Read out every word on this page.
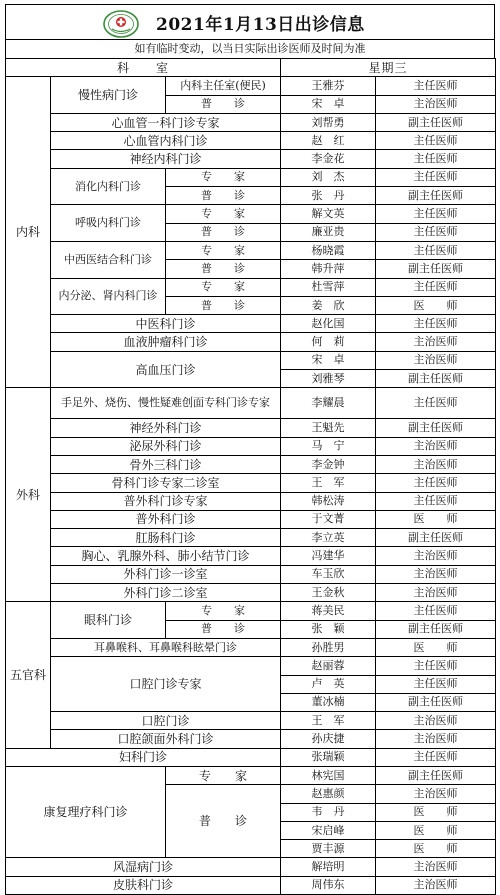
2021年1月13日出诊信息
如有临时变动，以当日实际出诊医师及时间为准
科　　室			星期三	
内科	慢性病门诊	内科主任室(便民)	王雅芬	主任医师
		普　　诊	宋　卓	主治医师
	心血管一科门诊专家		刘帮勇	副主任医师
	心血管内科门诊		赵　红	主任医师
	神经内科门诊		李金花	主任医师
	消化内科门诊	专　　家	刘　杰	主任医师
		普　　诊	张　丹	副主任医师
	呼吸内科门诊	专　　家	解文英	主任医师
		普　　诊	廉亚贵	主任医师
	中西医结合科门诊	专　　家	杨晓霞	主任医师
		普　　诊	韩升萍	副主任医师
	内分泌、肾内科门诊	专　　家	杜雪萍	主任医师
		普　　诊	姜　欣	医　　师
	中医科门诊		赵化国	主任医师
	血液肿瘤科门诊		何　莉	主治医师
	高血压门诊		宋　卓	主治医师
			刘雅琴	副主任医师
外科	手足外、烧伤、慢性疑难创面专科门诊专家		李耀晨	主任医师
	神经外科门诊		王魁先	副主任医师
	泌尿外科门诊		马　宁	主治医师
	骨外三科门诊		李金钟	主治医师
	骨科门诊专家二诊室		王　军	主任医师
	普外科门诊专家		韩松涛	主任医师
	普外科门诊		于文菁	医　　师
	肛肠科门诊		李立英	副主任医师
	胸心、乳腺外科、肺小结节门诊		冯建华	主治医师
	外科门诊一诊室		车玉欣	主治医师
	外科门诊二诊室		王金秋	主治医师
五官科	眼科门诊	专　　家	蒋美民	主任医师
		普　　诊	张　颖	副主任医师
	耳鼻喉科、耳鼻喉科眩晕门诊		孙胜男	医　　师
	口腔门诊专家		赵丽蓉	主任医师
			卢　英	主任医师
			董冰楠	副主任医师
	口腔门诊		王　军	主治医师
	口腔颌面外科门诊		孙庆捷	主治医师
妇科门诊			张瑞颖	主任医师
康复理疗科门诊		专　　家	林宪国	副主任医师
		普　　诊	赵惠颜	主治医师
			韦　丹	医　　师
			宋启峰	医　　师
			贾丰源	医　　师
风湿病门诊			解培明	主治医师
皮肤科门诊			周伟东	主治医师
